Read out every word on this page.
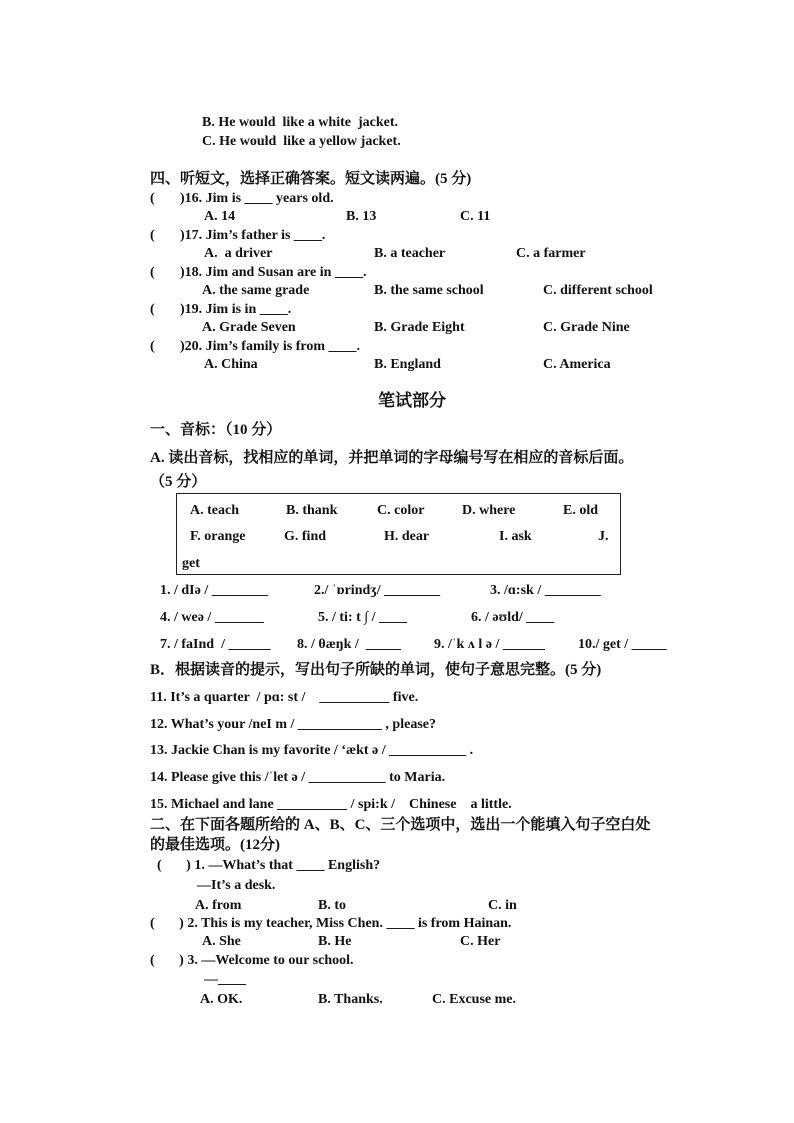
B. He would  like a white  jacket.
C. He would  like a yellow jacket.
四、听短文，选择正确答案。短文读两遍。(5 分)
( )16. Jim is ____ years old.
A. 14	B. 13	C. 11
( )17. Jim’s father is ____.
A.  a driver	B. a teacher	C. a farmer
( )18. Jim and Susan are in ____.
A. the same grade	B. the same school	C. different school
( )19. Jim is in ____.
A. Grade Seven	B. Grade Eight	C. Grade Nine
( )20. Jim’s family is from ____.
A. China	B. England	C. America
笔试部分
一、音标：（10 分）
A. 读出音标，找相应的单词，并把单词的字母编号写在相应的音标后面。
（5 分）
A. teach	B. thank	C. color	D. where	E. old
F. orange	G. find	H. dear	I. ask	J.
get
1. / dIə / ________	2./ ˈɒrindʒ/ ________	3. /ɑ:sk / ________
4. / weə / _______	5. / ti: t ∫ / ____	6. / əʊld/ ____
7. / faInd  / ______ 8. / θæŋk /  _____ 9. /ˈk ʌ l ə / ______ 10./ get / _____
B．根据读音的提示，写出句子所缺的单词，使句子意思完整。(5 分)
11. It’s a quarter  / pɑ: st /    __________ five.
12. What’s your /neI m / ____________ , please?
13. Jackie Chan is my favorite / ‘ækt ə / ___________ .
14. Please give this /ˈlet ə / ___________ to Maria.
15. Michael and lane __________ / spi:k /    Chinese    a little.
二、在下面各题所给的 A、B、C、三个选项中，选出一个能填入句子空白处
的最佳选项。(12分)
(       ) 1. —What’s that ____ English?
—It’s a desk.
A. from	B. to	C. in
(       ) 2. This is my teacher, Miss Chen. ____ is from Hainan.
A. She	B. He	C. Her
(       ) 3. —Welcome to our school.
—____
A. OK.	B. Thanks.	C. Excuse me.
